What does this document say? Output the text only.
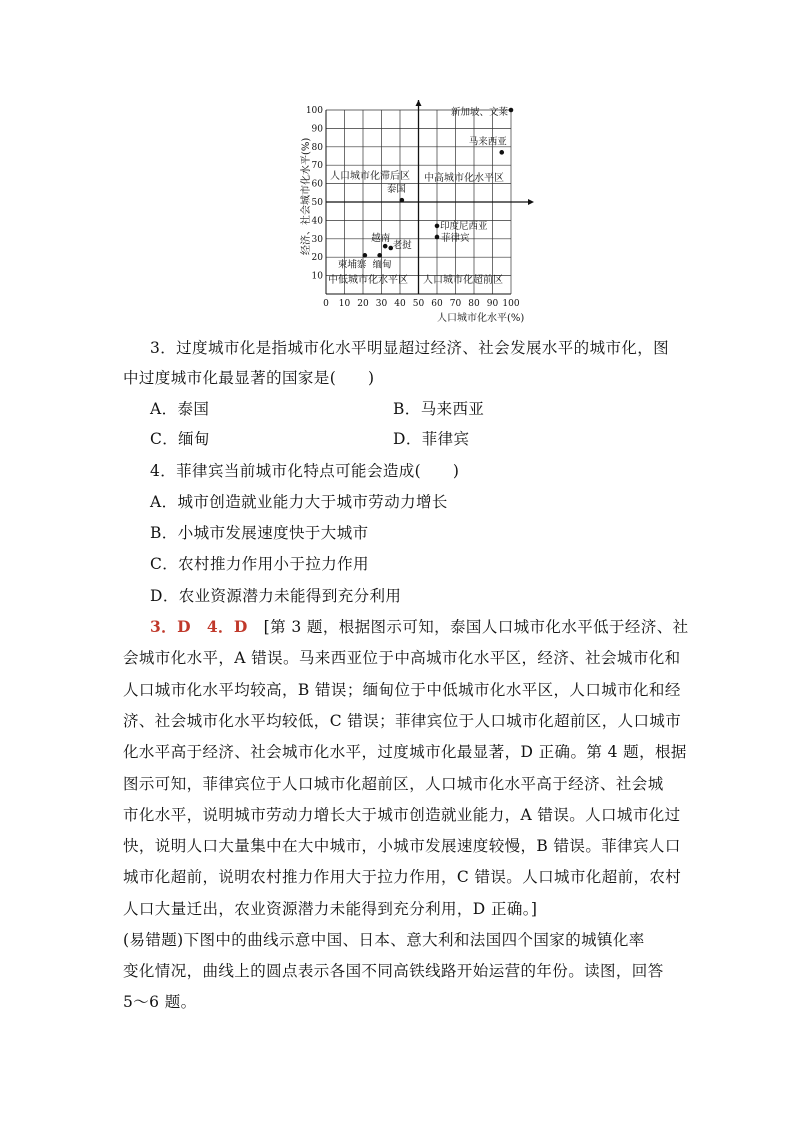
0 10 20 30 40 50 60 70 80 90 100
10
20
30
40
50
60
70
80
90
100	新加坡、文莱
马来西亚
泰国
印度尼西亚
菲律宾
越南
老挝
缅甸
柬埔寨
人口城市化滞后区 中高城市化水平区
中低城市化水平区 人口城市化超前区
人口城市化水平(%)
经济、社会城市化水平(%)
3．过度城市化是指城市化水平明显超过经济、社会发展水平的城市化，图
中过度城市化最显著的国家是(　　)
A．泰国	B．马来西亚
C．缅甸	D．菲律宾
4．菲律宾当前城市化特点可能会造成(　　)
A．城市创造就业能力大于城市劳动力增长
B．小城市发展速度快于大城市
C．农村推力作用小于拉力作用
D．农业资源潜力未能得到充分利用
3．D　4．D　 [第 3 题，根据图示可知，泰国人口城市化水平低于经济、社
会城市化水平，A 错误。马来西亚位于中高城市化水平区，经济、社会城市化和
人口城市化水平均较高，B 错误；缅甸位于中低城市化水平区，人口城市化和经
济、社会城市化水平均较低，C 错误；菲律宾位于人口城市化超前区，人口城市
化水平高于经济、社会城市化水平，过度城市化最显著，D 正确。第 4 题，根据
图示可知，菲律宾位于人口城市化超前区，人口城市化水平高于经济、社会城
市化水平，说明城市劳动力增长大于城市创造就业能力，A 错误。人口城市化过
快，说明人口大量集中在大中城市，小城市发展速度较慢，B 错误。菲律宾人口
城市化超前，说明农村推力作用大于拉力作用，C 错误。人口城市化超前，农村
人口大量迁出，农业资源潜力未能得到充分利用，D 正确。]
(易错题)下图中的曲线示意中国、日本、意大利和法国四个国家的城镇化率
变化情况，曲线上的圆点表示各国不同高铁线路开始运营的年份。读图，回答
5～6 题。
